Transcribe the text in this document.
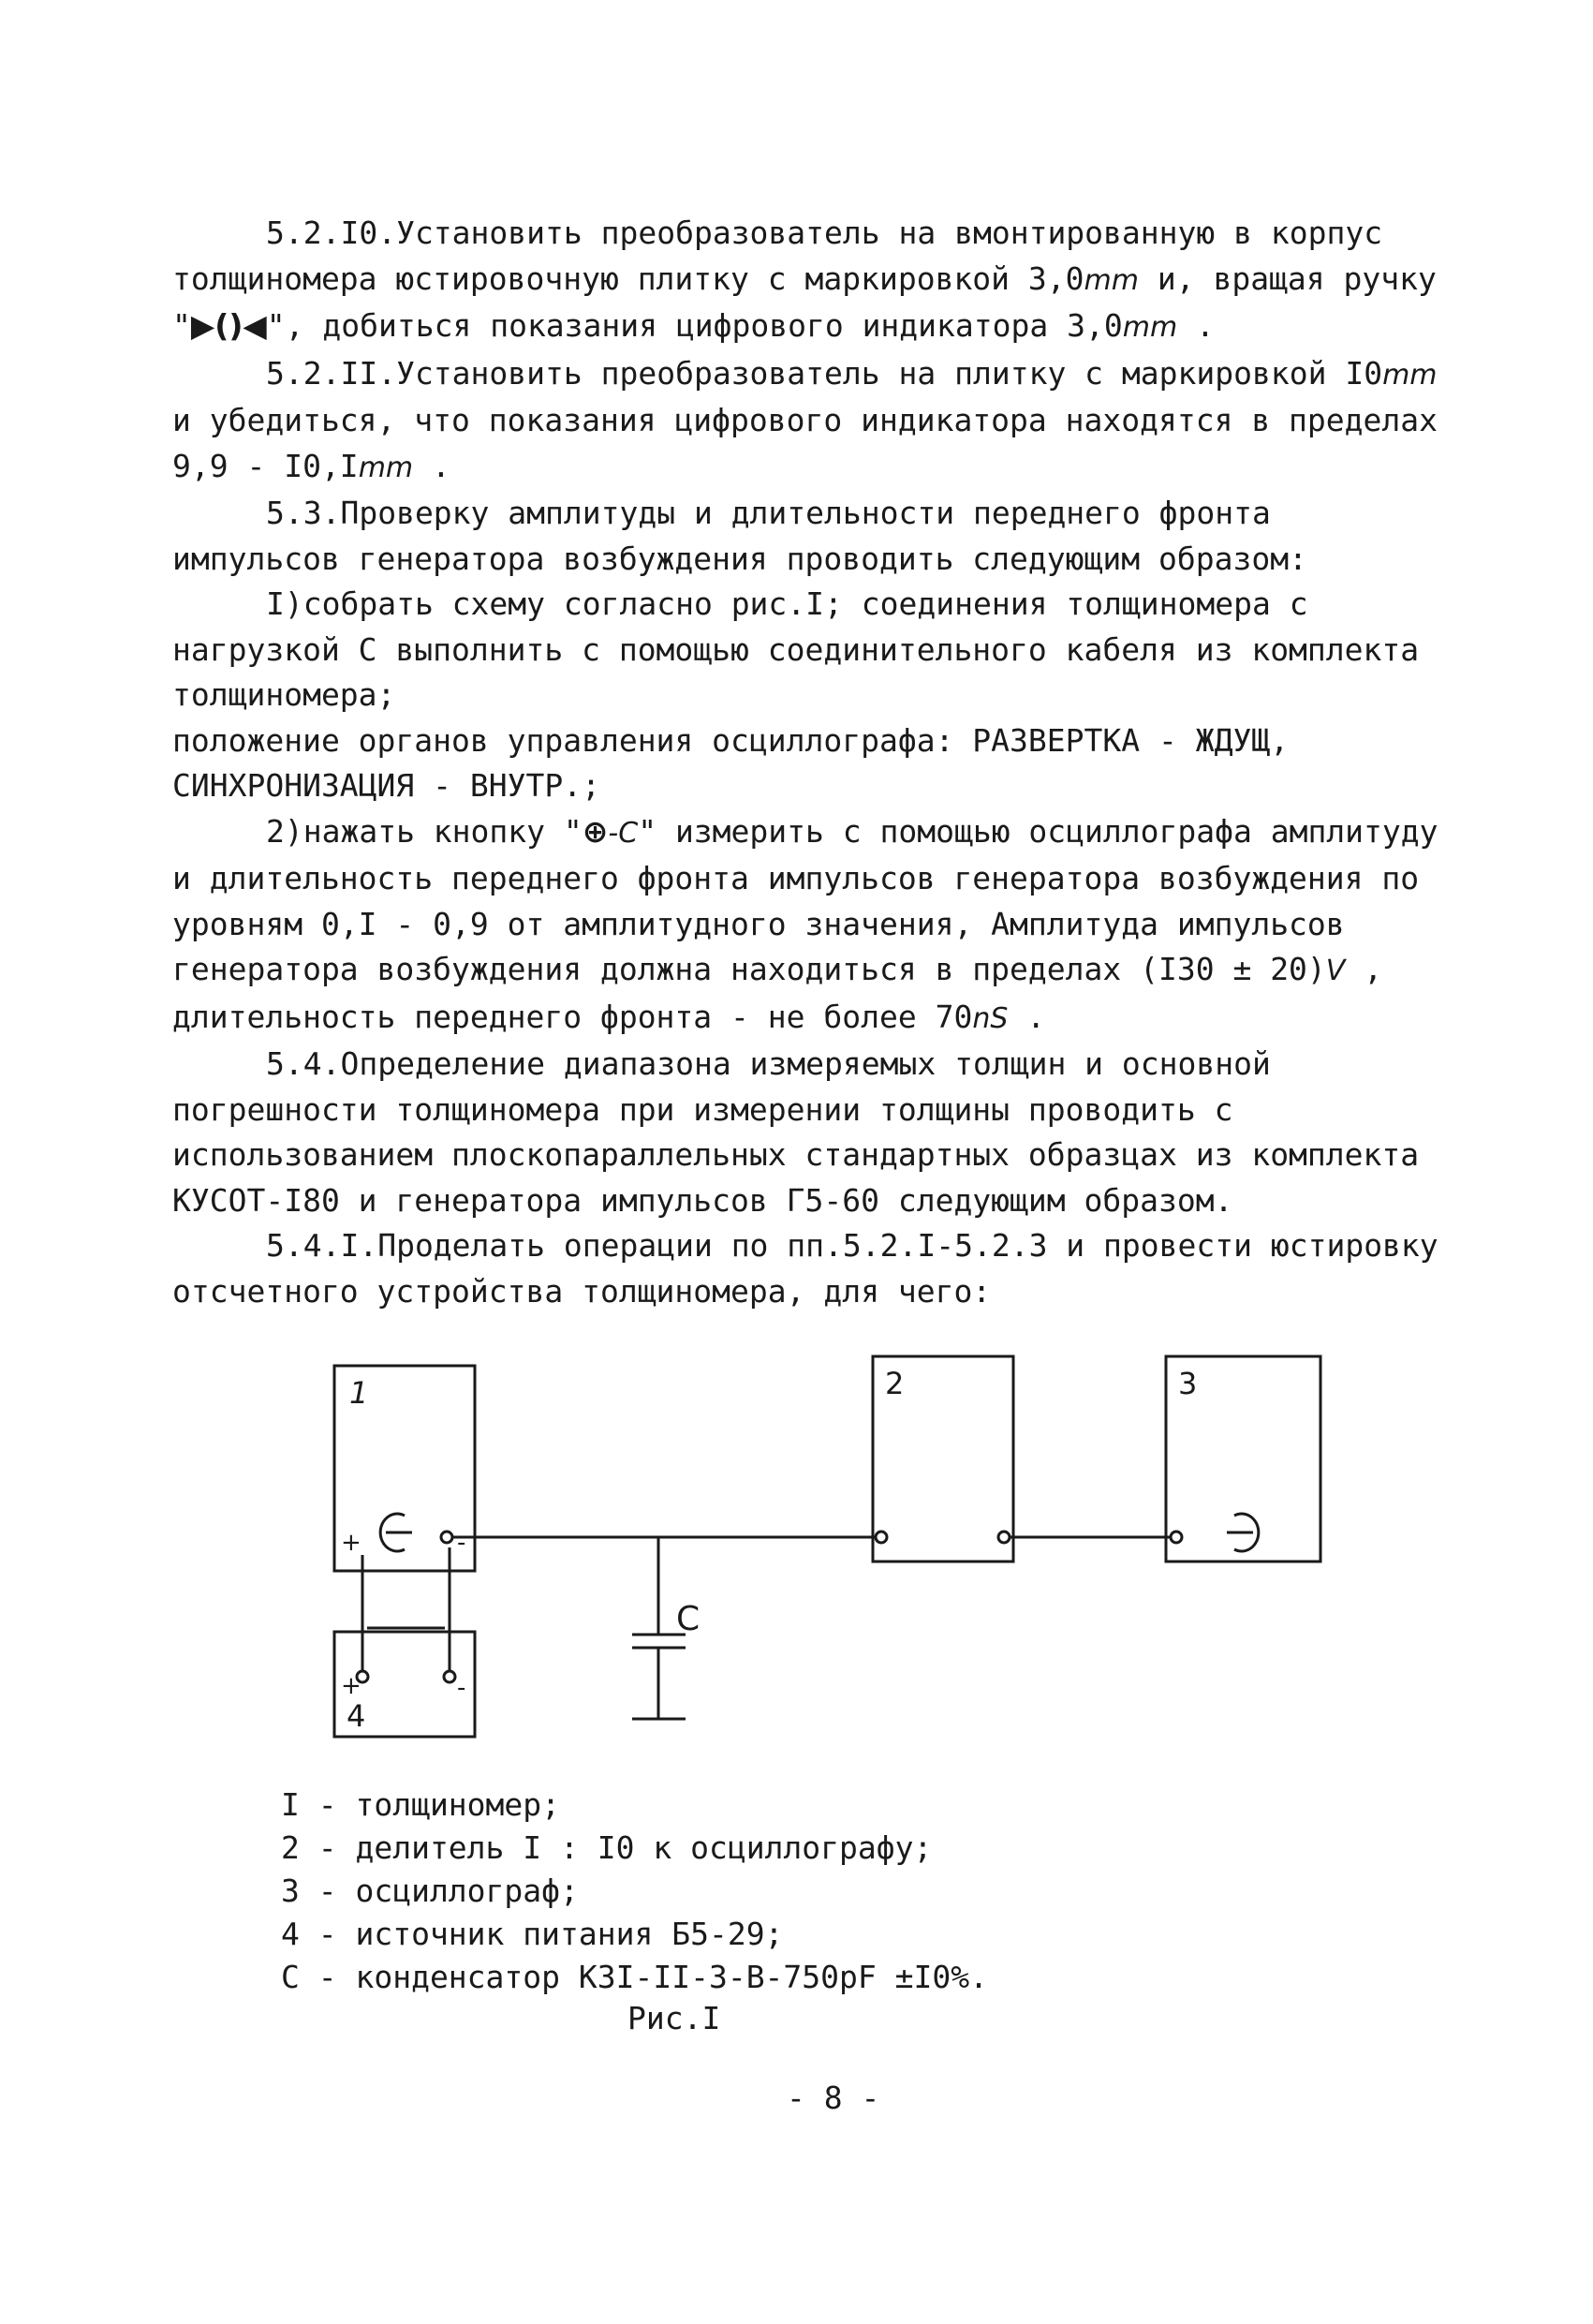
5.2.I0.Установить преобразователь на вмонтированную в корпус толщиномера юстировочную плитку с маркировкой 3,0mm и, вращая ручку "▶()◀", добиться показания цифрового индикатора 3,0mm .

5.2.II.Установить преобразователь на плитку с маркировкой I0mm и убедиться, что показания цифрового индикатора находятся в пределах 9,9 - I0,Imm .

5.3.Проверку амплитуды и длительности переднего фронта импульсов генератора возбуждения проводить следующим образом:

I)собрать схему согласно рис.I; соединения толщиномера с нагрузкой С выполнить с помощью соединительного кабеля из комплекта толщиномера;

положение органов управления осциллографа: РАЗВЕРТКА - ЖДУЩ, СИНХРОНИЗАЦИЯ - ВНУТР.;

2)нажать кнопку "⊕-C" измерить с помощью осциллографа амплитуду и длительность переднего фронта импульсов генератора возбуждения по уровням 0,I - 0,9 от амплитудного значения, Амплитуда импульсов генератора возбуждения должна находиться в пределах (I30 ± 20)V , длительность переднего фронта - не более 70nS .

5.4.Определение диапазона измеряемых толщин и основной погрешности толщиномера при измерении толщины проводить с использованием плоскопараллельных стандартных образцах из комплекта КУСОТ-I80 и генератора импульсов Г5-60 следующим образом.

5.4.I.Проделать операции по пп.5.2.I-5.2.3 и провести юстировку отсчетного устройства толщиномера, для чего:

1	2	3
4
C
+	-
+	-
I - толщиномер;
2 - делитель I : I0 к осциллографу;
3 - осциллограф;
4 - источник питания Б5-29;
С - конденсатор КЗI-II-3-В-750pF ±I0%.
Рис.I
- 8 -
